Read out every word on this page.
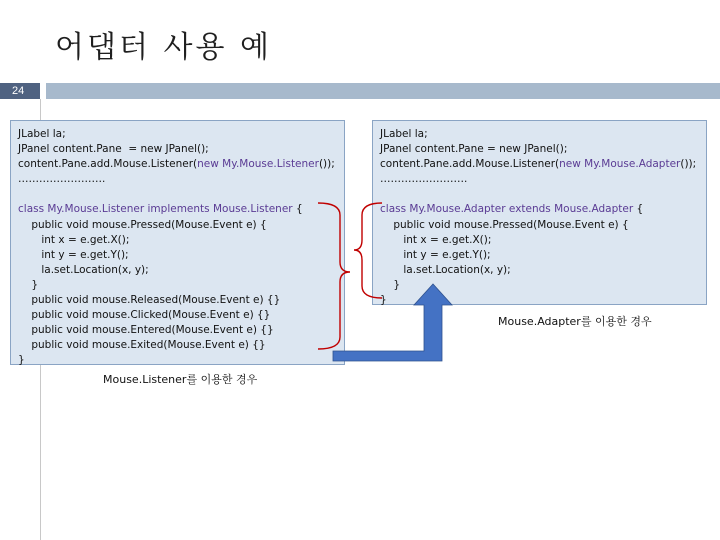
어댑터 사용 예
24
JLabel la;
JPanel content.Pane  = new JPanel();
content.Pane.add.Mouse.Listener(new My.Mouse.Listener());
…………………….

class My.Mouse.Listener implements Mouse.Listener {
public void mouse.Pressed(Mouse.Event e) {
int x = e.get.X();
int y = e.get.Y();
la.set.Location(x, y);
}
public void mouse.Released(Mouse.Event e) {}
public void mouse.Clicked(Mouse.Event e) {}
public void mouse.Entered(Mouse.Event e) {}
public void mouse.Exited(Mouse.Event e) {}
}
JLabel la;
JPanel content.Pane = new JPanel();
content.Pane.add.Mouse.Listener(new My.Mouse.Adapter());
…………………….

class My.Mouse.Adapter extends Mouse.Adapter {
public void mouse.Pressed(Mouse.Event e) {
int x = e.get.X();
int y = e.get.Y();
la.set.Location(x, y);
}
}
Mouse.Listener를 이용한 경우
Mouse.Adapter를 이용한 경우
